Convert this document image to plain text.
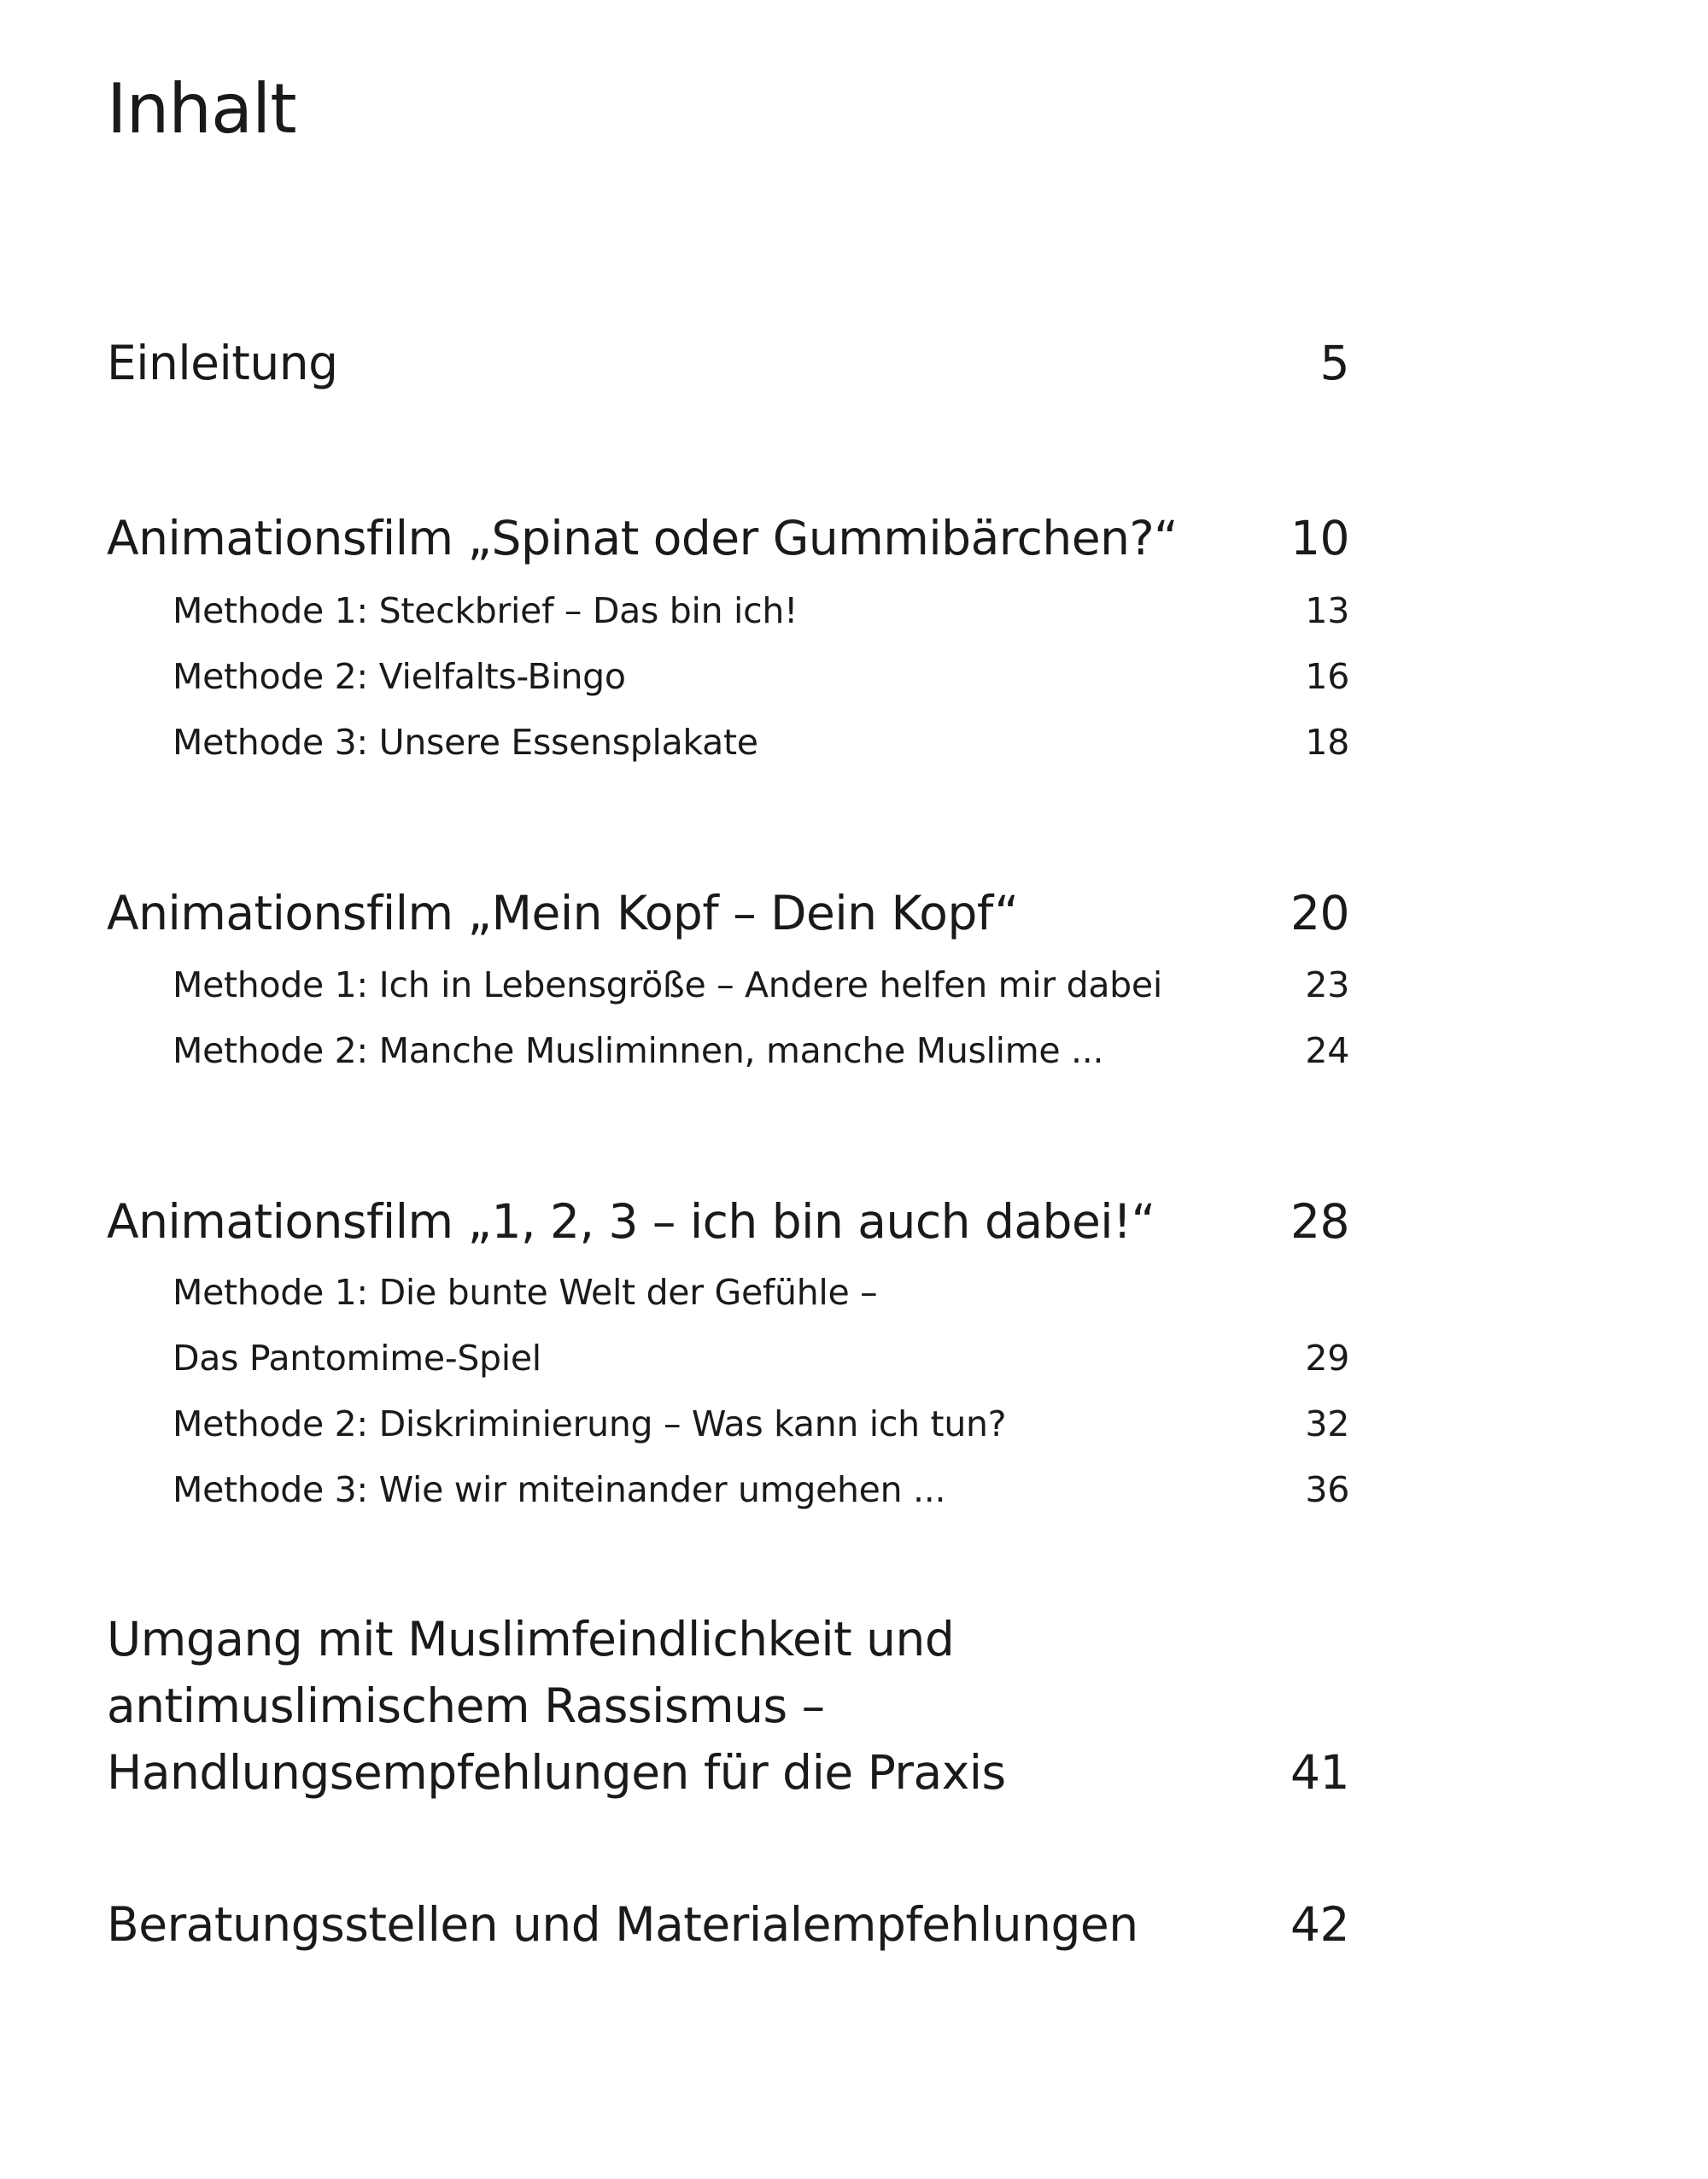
Inhalt
Einleitung	5
Animationsfilm „Spinat oder Gummibärchen?“ 10
Methode 1: Steckbrief – Das bin ich!	13
Methode 2: Vielfalts-Bingo	16
Methode 3: Unsere Essensplakate	18
Animationsfilm „Mein Kopf – Dein Kopf“	20
Methode 1: Ich in Lebensgröße – Andere helfen mir dabei	23
Methode 2: Manche Musliminnen, manche Muslime ...	24
Animationsfilm „1, 2, 3 – ich bin auch dabei!“	28
Methode 1: Die bunte Welt der Gefühle –
Das Pantomime-Spiel	29
Methode 2: Diskriminierung – Was kann ich tun?	32
Methode 3: Wie wir miteinander umgehen ...	36
Umgang mit Muslimfeindlichkeit und
antimuslimischem Rassismus –
Handlungsempfehlungen für die Praxis	41
Beratungsstellen und Materialempfehlungen	42
